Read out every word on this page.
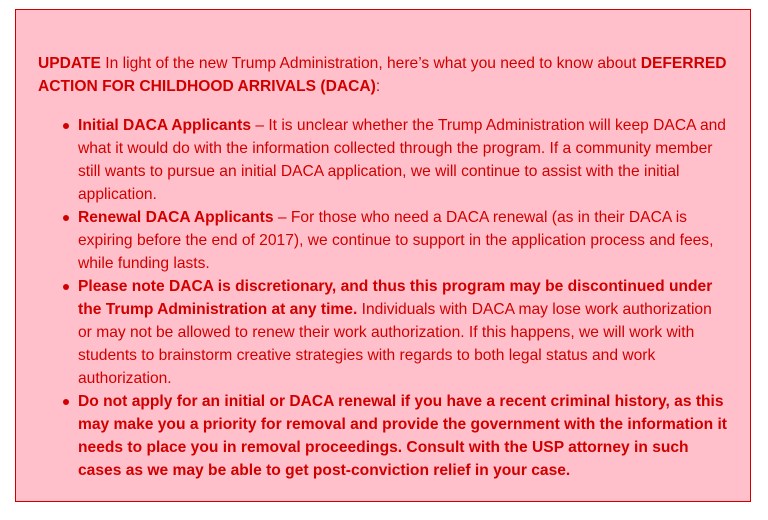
UPDATE In light of the new Trump Administration, here’s what you need to know about DEFERRED ACTION FOR CHILDHOOD ARRIVALS (DACA):

Initial DACA Applicants – It is unclear whether the Trump Administration will keep DACA and what it would do with the information collected through the program. If a community member still wants to pursue an initial DACA application, we will continue to assist with the initial application.
Renewal DACA Applicants – For those who need a DACA renewal (as in their DACA is expiring before the end of 2017), we continue to support in the application process and fees, while funding lasts.
Please note DACA is discretionary, and thus this program may be discontinued under the Trump Administration at any time. Individuals with DACA may lose work authorization or may not be allowed to renew their work authorization. If this happens, we will work with students to brainstorm creative strategies with regards to both legal status and work authorization.
Do not apply for an initial or DACA renewal if you have a recent criminal history, as this may make you a priority for removal and provide the government with the information it needs to place you in removal proceedings. Consult with the USP attorney in such cases as we may be able to get post-conviction relief in your case.
